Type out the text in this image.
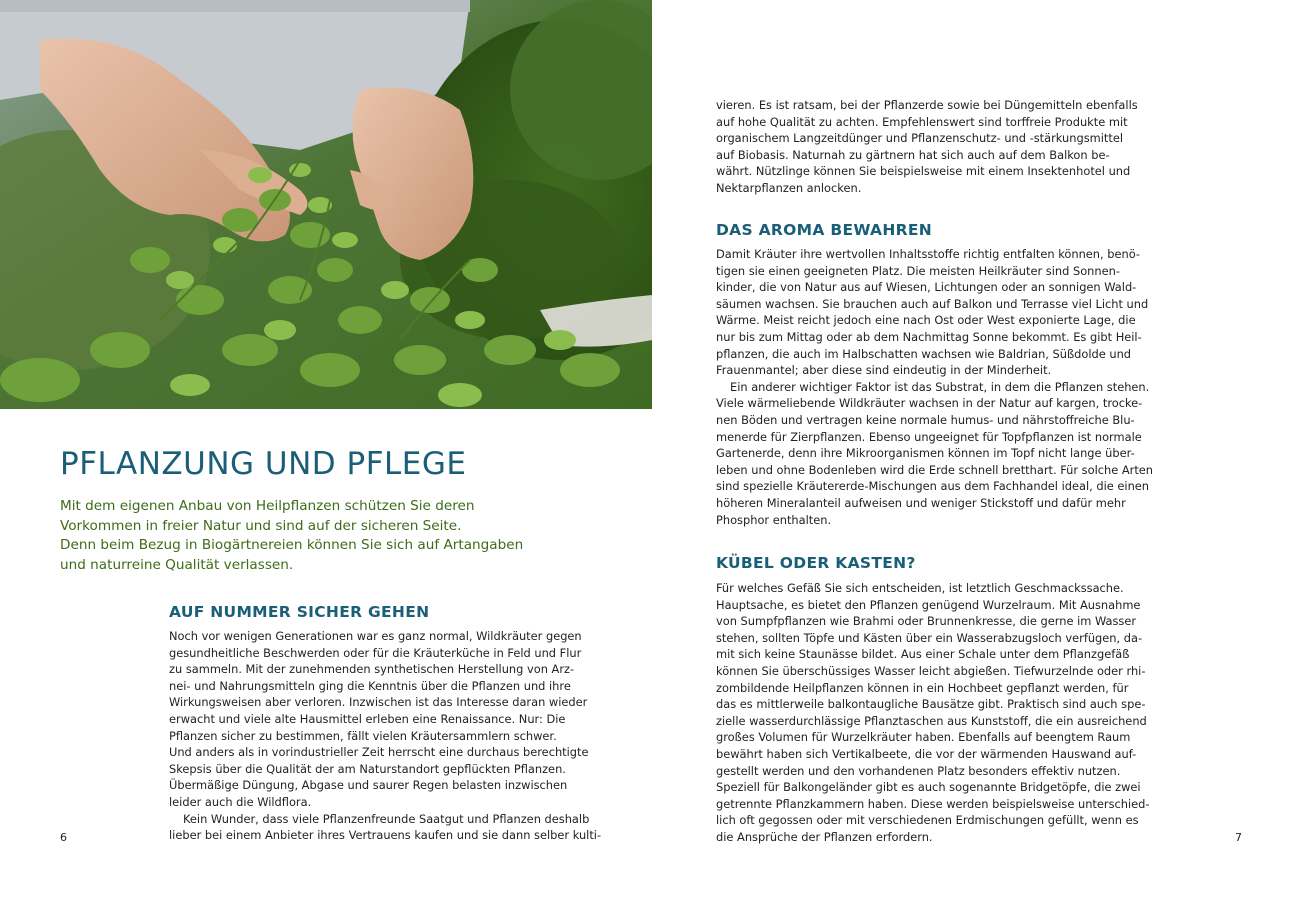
PFLANZUNG UND PFLEGE

Mit dem eigenen Anbau von Heilpflanzen schützen Sie deren

Vorkommen in freier Natur und sind auf der sicheren Seite.

Denn beim Bezug in Biogärtnereien können Sie sich auf Artangaben

und naturreine Qualität verlassen.

AUF NUMMER SICHER GEHEN

Noch vor wenigen Generationen war es ganz normal, Wildkräuter gegen

gesundheitliche Beschwerden oder für die Kräuterküche in Feld und Flur

zu sammeln. Mit der zunehmenden synthetischen Herstellung von Arz-

nei- und Nahrungsmitteln ging die Kenntnis über die Pflanzen und ihre

Wirkungsweisen aber verloren. Inzwischen ist das Interesse daran wieder

erwacht und viele alte Hausmittel erleben eine Renaissance. Nur: Die

Pflanzen sicher zu bestimmen, fällt vielen Kräutersammlern schwer.

Und anders als in vorindustrieller Zeit herrscht eine durchaus berechtigte

Skepsis über die Qualität der am Naturstandort gepflückten Pflanzen.

Übermäßige Düngung, Abgase und saurer Regen belasten inzwischen

leider auch die Wildflora.

Kein Wunder, dass viele Pflanzenfreunde Saatgut und Pflanzen deshalb

lieber bei einem Anbieter ihres Vertrauens kaufen und sie dann selber kulti-

6

vieren. Es ist ratsam, bei der Pflanzerde sowie bei Düngemitteln ebenfalls

auf hohe Qualität zu achten. Empfehlenswert sind torffreie Produkte mit

organischem Langzeitdünger und Pflanzenschutz- und -stärkungsmittel

auf Biobasis. Naturnah zu gärtnern hat sich auch auf dem Balkon be-

währt. Nützlinge können Sie beispielsweise mit einem Insektenhotel und

Nektarpflanzen anlocken.

DAS AROMA BEWAHREN

Damit Kräuter ihre wertvollen Inhaltsstoffe richtig entfalten können, benö-

tigen sie einen geeigneten Platz. Die meisten Heilkräuter sind Sonnen-

kinder, die von Natur aus auf Wiesen, Lichtungen oder an sonnigen Wald-

säumen wachsen. Sie brauchen auch auf Balkon und Terrasse viel Licht und

Wärme. Meist reicht jedoch eine nach Ost oder West exponierte Lage, die

nur bis zum Mittag oder ab dem Nachmittag Sonne bekommt. Es gibt Heil-

pflanzen, die auch im Halbschatten wachsen wie Baldrian, Süßdolde und

Frauenmantel; aber diese sind eindeutig in der Minderheit.

Ein anderer wichtiger Faktor ist das Substrat, in dem die Pflanzen stehen.

Viele wärmeliebende Wildkräuter wachsen in der Natur auf kargen, trocke-

nen Böden und vertragen keine normale humus- und nährstoffreiche Blu-

menerde für Zierpflanzen. Ebenso ungeeignet für Topfpflanzen ist normale

Gartenerde, denn ihre Mikroorganismen können im Topf nicht lange über-

leben und ohne Bodenleben wird die Erde schnell bretthart. Für solche Arten

sind spezielle Kräutererde-Mischungen aus dem Fachhandel ideal, die einen

höheren Mineralanteil aufweisen und weniger Stickstoff und dafür mehr

Phosphor enthalten.

KÜBEL ODER KASTEN?

Für welches Gefäß Sie sich entscheiden, ist letztlich Geschmackssache.

Hauptsache, es bietet den Pflanzen genügend Wurzelraum. Mit Ausnahme

von Sumpfpflanzen wie Brahmi oder Brunnenkresse, die gerne im Wasser

stehen, sollten Töpfe und Kästen über ein Wasserabzugsloch verfügen, da-

mit sich keine Staunässe bildet. Aus einer Schale unter dem Pflanzgefäß

können Sie überschüssiges Wasser leicht abgießen. Tiefwurzelnde oder rhi-

zombildende Heilpflanzen können in ein Hochbeet gepflanzt werden, für

das es mittlerweile balkontaugliche Bausätze gibt. Praktisch sind auch spe-

zielle wasserdurchlässige Pflanztaschen aus Kunststoff, die ein ausreichend

großes Volumen für Wurzelkräuter haben. Ebenfalls auf beengtem Raum

bewährt haben sich Vertikalbeete, die vor der wärmenden Hauswand auf-

gestellt werden und den vorhandenen Platz besonders effektiv nutzen.

Speziell für Balkongeländer gibt es auch sogenannte Bridgetöpfe, die zwei

getrennte Pflanzkammern haben. Diese werden beispielsweise unterschied-

lich oft gegossen oder mit verschiedenen Erdmischungen gefüllt, wenn es

die Ansprüche der Pflanzen erfordern.	7
